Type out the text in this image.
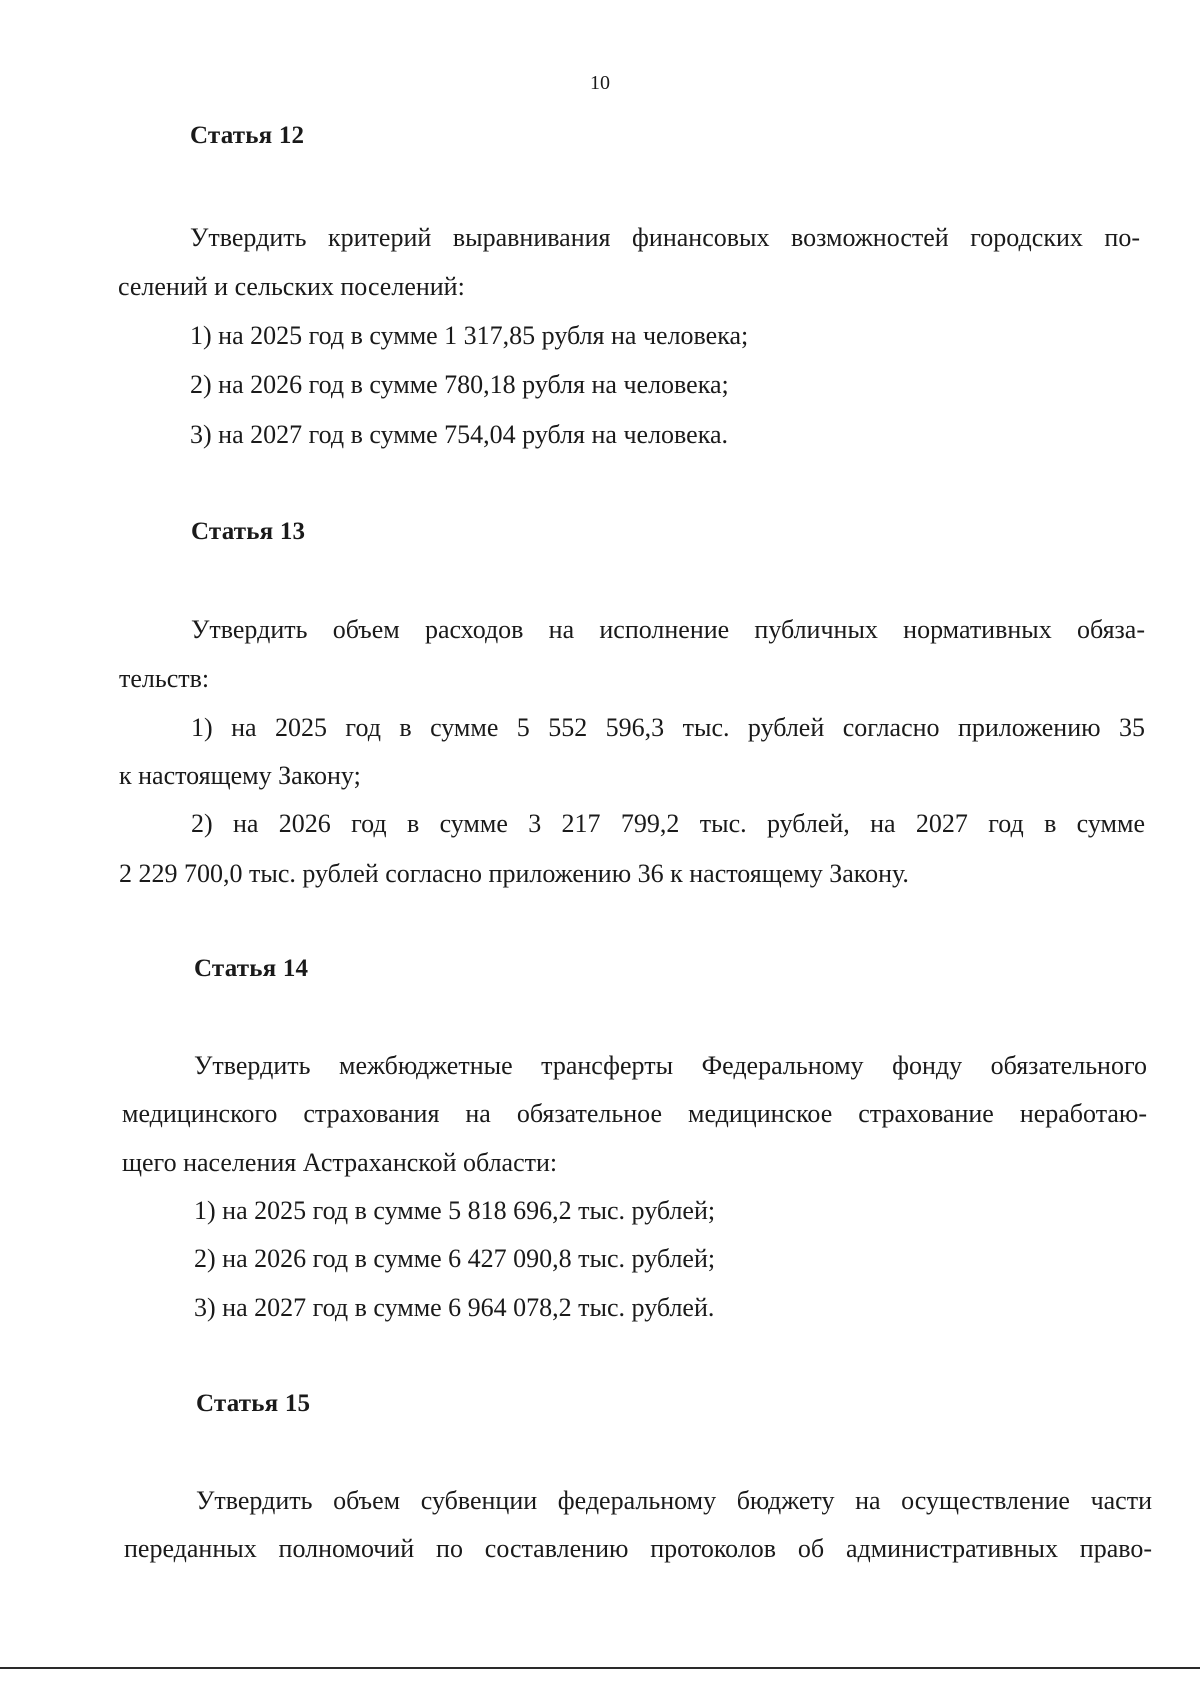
10
Статья 12
Утвердить критерий выравнивания финансовых возможностей городских по-
селений и сельских поселений:
1) на 2025 год в сумме 1 317,85 рубля на человека;
2) на 2026 год в сумме 780,18 рубля на человека;
3) на 2027 год в сумме 754,04 рубля на человека.
Статья 13
Утвердить объем расходов на исполнение публичных нормативных обяза-
тельств:
1) на 2025 год в сумме 5 552 596,3 тыс. рублей согласно приложению 35
к настоящему Закону;
2) на 2026 год в сумме 3 217 799,2 тыс. рублей, на 2027 год в сумме
2 229 700,0 тыс. рублей согласно приложению 36 к настоящему Закону.
Статья 14
Утвердить межбюджетные трансферты Федеральному фонду обязательного
медицинского страхования на обязательное медицинское страхование неработаю-
щего населения Астраханской области:
1) на 2025 год в сумме 5 818 696,2 тыс. рублей;
2) на 2026 год в сумме 6 427 090,8 тыс. рублей;
3) на 2027 год в сумме 6 964 078,2 тыс. рублей.
Статья 15
Утвердить объем субвенции федеральному бюджету на осуществление части
переданных полномочий по составлению протоколов об административных право-
